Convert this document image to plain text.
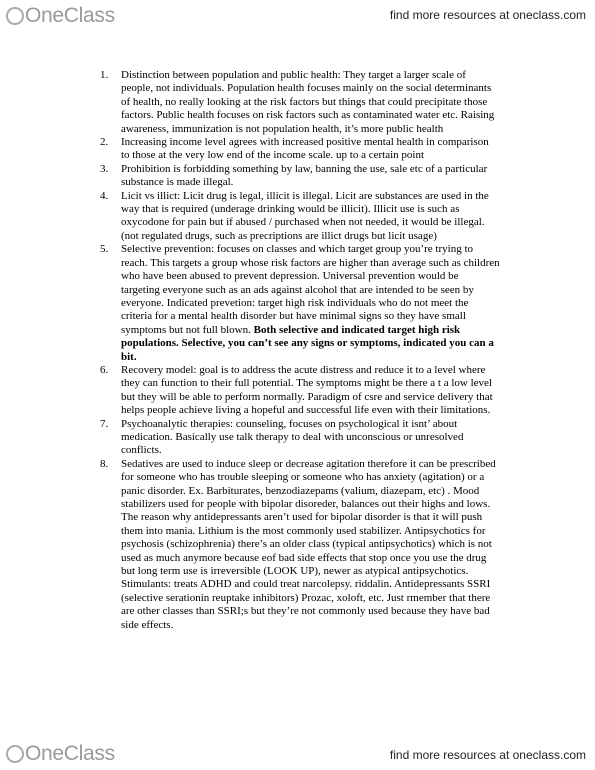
OneClass	find more resources at oneclass.com
1. Distinction between population and public health: They target a larger scale of people, not individuals. Population health focuses mainly on the social determinants of health, no really looking at the risk factors but things that could precipitate those factors. Public health focuses on risk factors such as contaminated water etc. Raising awareness, immunization is not population health, it’s more public health
2. Increasing income level agrees with increased positive mental health in comparison to those at the very low end of the income scale. up to a certain point
3. Prohibition is forbidding something by law, banning the use, sale etc of a particular substance is made illegal.
4. Licit vs illict: Licit drug is legal, illicit is illegal. Licit are substances are used in the way that is required (underage drinking would be illicit). Illicit use is such as oxycodone for pain but if abused / purchased when not needed, it would be illegal. (not regulated drugs, such as precriptions are illict drugs but licit usage)
5. Selective prevention: focuses on classes and which target group you’re trying to reach. This targets a group whose risk factors are higher than average such as children who have been abused to prevent depression. Universal prevention would be targeting everyone such as an ads against alcohol that are intended to be seen by everyone. Indicated prevetion: target high risk individuals who do not meet the criteria for a mental health disorder but have minimal signs so they have small symptoms but not full blown. Both selective and indicated target high risk populations. Selective, you can’t see any signs or symptoms, indicated you can a bit.
6. Recovery model: goal is to address the acute distress and reduce it to a level where they can function to their full potential. The symptoms might be there a t a low level but they will be able to perform normally. Paradigm of csre and service delivery that helps people achieve living a hopeful and successful life even with their limitations.
7. Psychoanalytic therapies: counseling, focuses on psychological it isnt’ about medication. Basically use talk therapy to deal with unconscious or unresolved conflicts.
8. Sedatives are used to induce sleep or decrease agitation therefore it can be prescribed for someone who has trouble sleeping or someone who has anxiety (agitation) or a panic disorder. Ex. Barbiturates, benzodiazepams (valium, diazepam, etc) . Mood stabilizers used for people with bipolar disoreder, balances out their highs and lows. The reason why antidepressants aren’t used for bipolar disorder is that it will push them into mania. Lithium is the most commonly used stabilizer. Antipsychotics for psychosis (schizophrenia) there’s an older class (typical antipsychotics) which is not used as much anymore because eof bad side effects that stop once you use the drug but long term use is irreversible (LOOK UP), newer as atypical antipsychotics. Stimulants: treats ADHD and could treat narcolepsy. riddalin. Antidepressants SSRI (selective serationin reuptake inhibitors) Prozac, xoloft, etc. Just rmember that there are other classes than SSRI;s but they’re not commonly used because they have bad side effects.
OneClass	find more resources at oneclass.com
